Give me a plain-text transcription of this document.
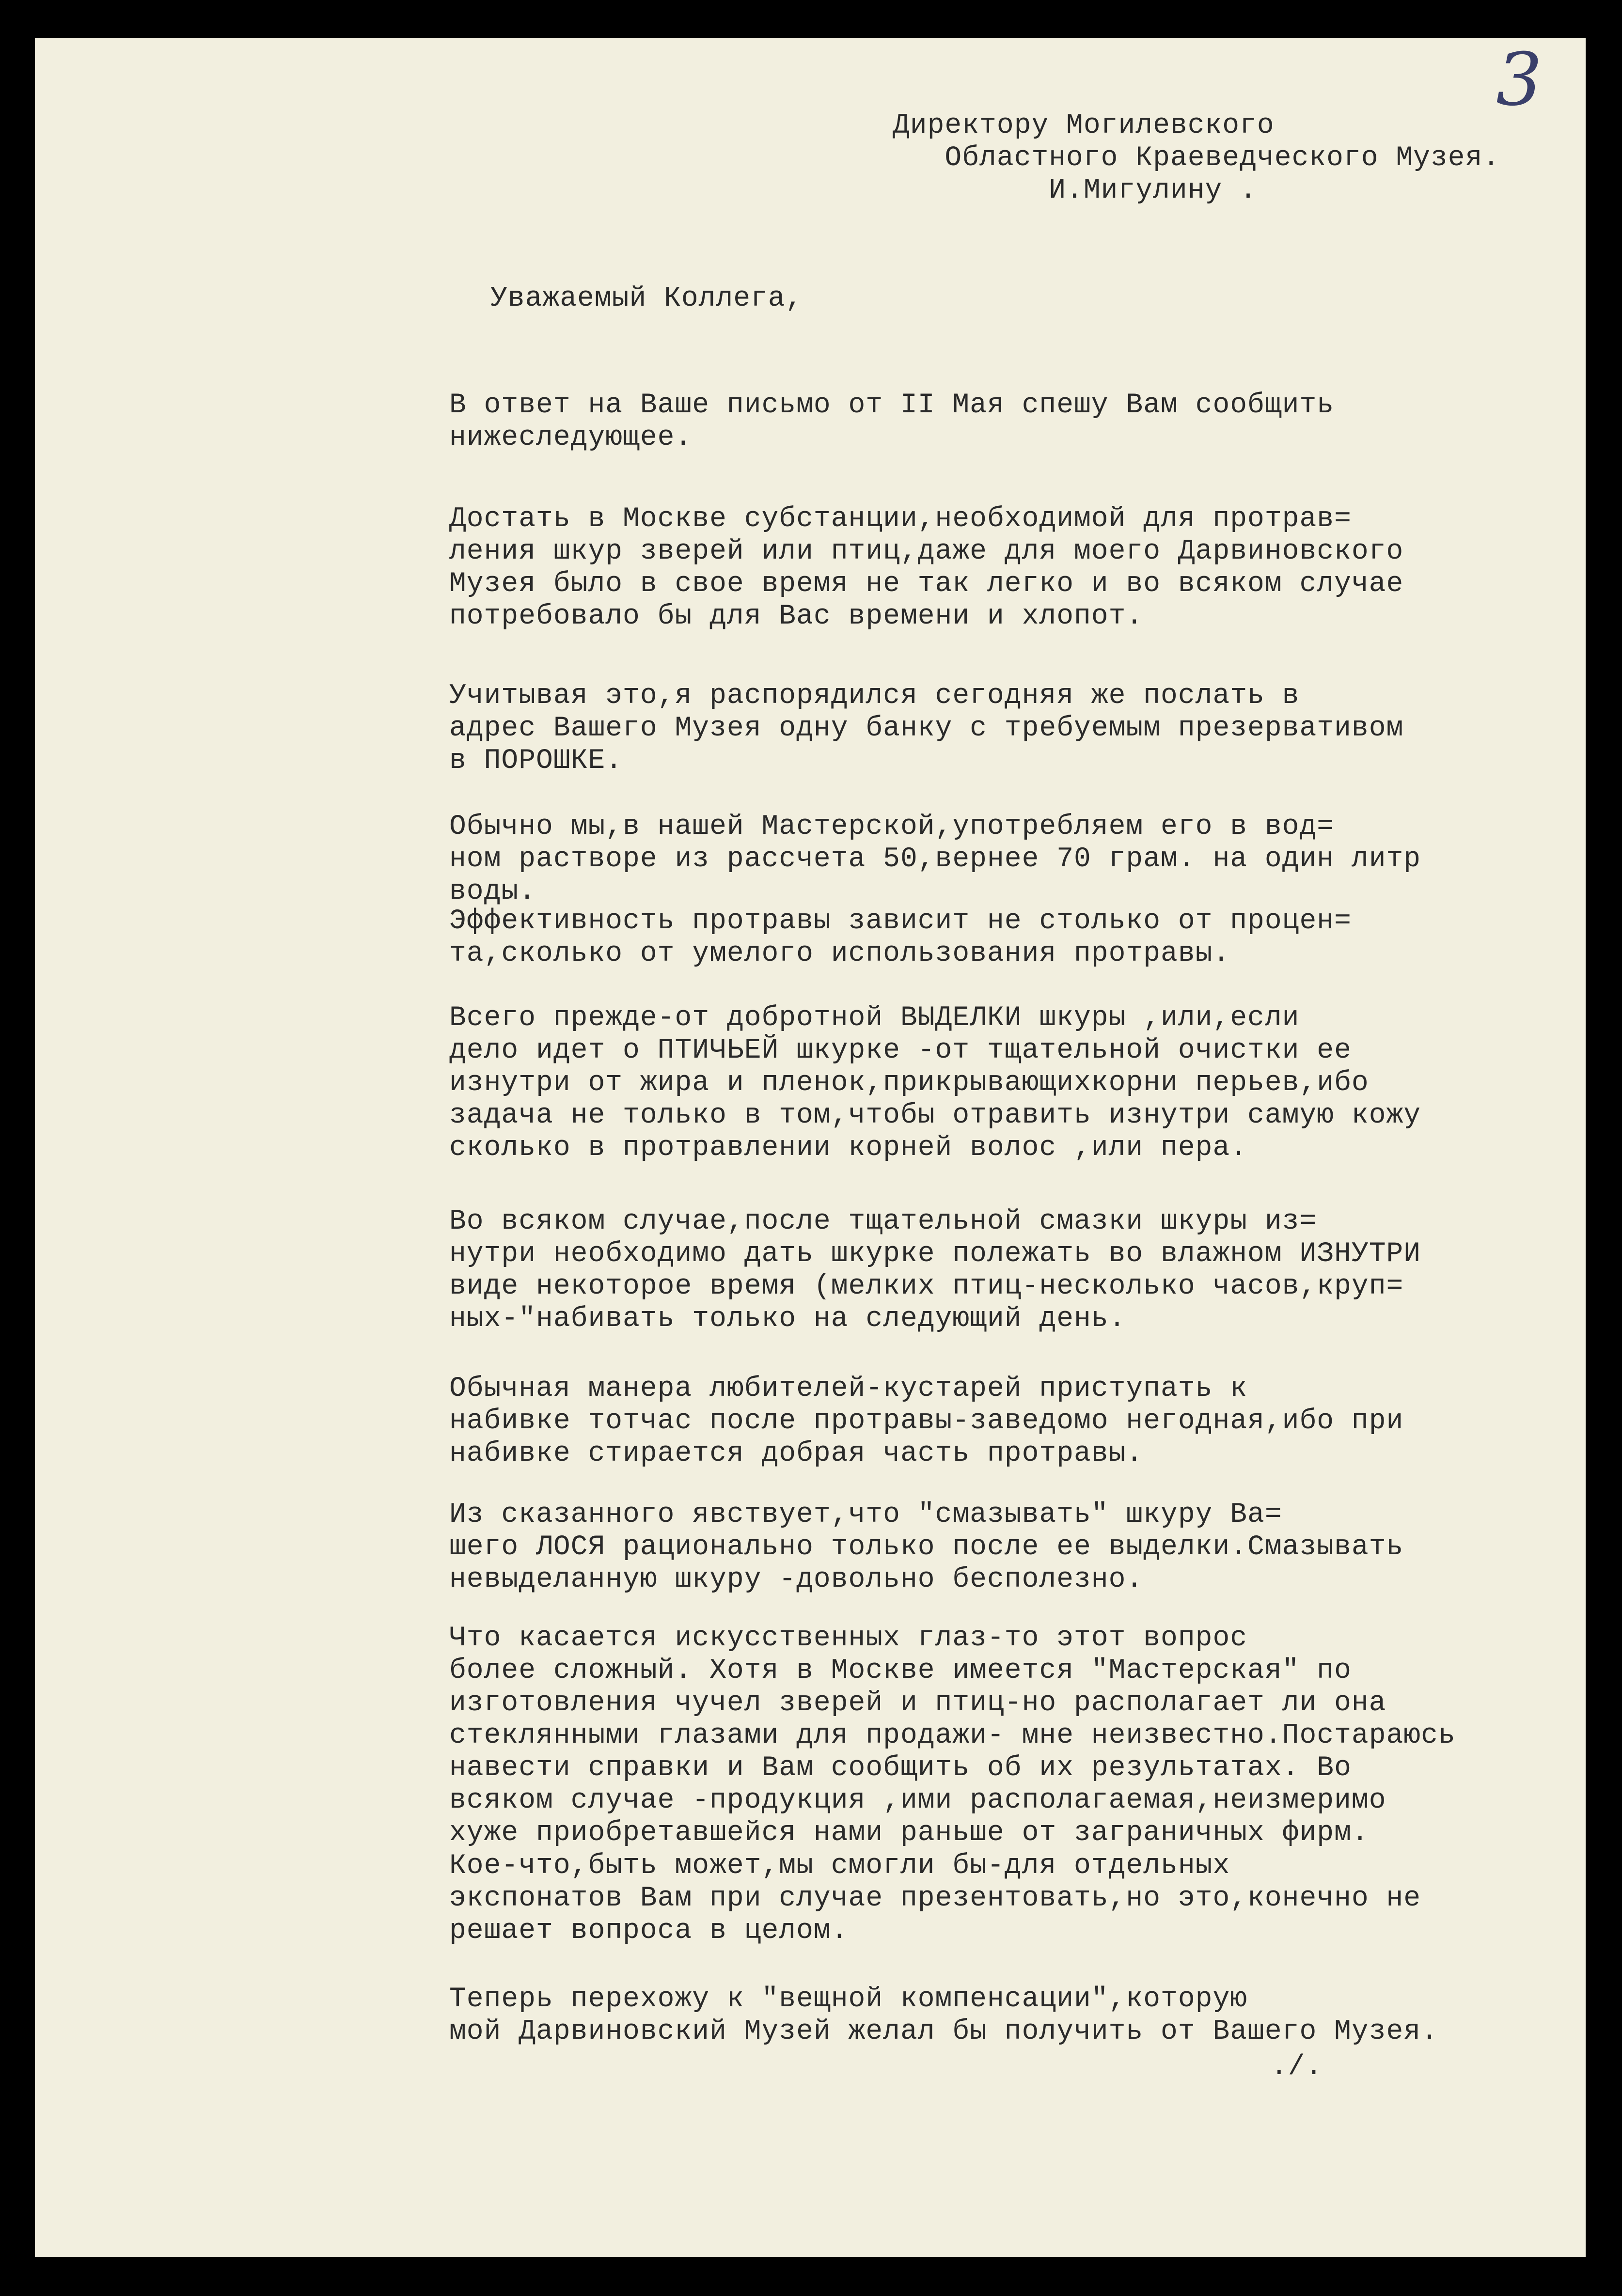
3
Директору Могилевского
Областного Краеведческого Музея.
И.Мигулину .
Уважаемый Коллега,
В ответ на Ваше письмо от II Мая спешу Вам сообщить
нижеследующее.
Достать в Москве субстанции,необходимой для протрав=
ления шкур зверей или птиц,даже для моего Дарвиновского
Музея было в свое время не так легко и во всяком случае
потребовало бы для Вас времени и хлопот.
Учитывая это,я распорядился сегодняя же послать в
адрес Вашего Музея одну банку с требуемым презервативом
в ПОРОШКЕ.
Обычно мы,в нашей Мастерской,употребляем его в вод=
ном растворе из рассчета 50,вернее 70 грам. на один литр
воды.
Эффективность протравы зависит не столько от процен=
та,сколько от умелого использования протравы.
Всего прежде-от добротной ВЫДЕЛКИ шкуры ,или,если
дело идет о ПТИЧЬЕЙ шкурке -от тщательной очистки ее
изнутри от жира и пленок,прикрывающихкорни перьев,ибо
задача не только в том,чтобы отравить изнутри самую кожу
сколько в протравлении корней волос ,или пера.
Во всяком случае,после тщательной смазки шкуры из=
нутри необходимо дать шкурке полежать во влажном ИЗНУТРИ
виде некоторое время (мелких птиц-несколько часов,круп=
ных-"набивать только на следующий день.
Обычная манера любителей-кустарей приступать к
набивке тотчас после протравы-заведомо негодная,ибо при
набивке стирается добрая часть протравы.
Из сказанного явствует,что "смазывать" шкуру Ва=
шего ЛОСЯ рационально только после ее выделки.Смазывать
невыделанную шкуру -довольно бесполезно.
Что касается искусственных глаз-то этот вопрос
более сложный. Хотя в Москве имеется "Мастерская" по
изготовления чучел зверей и птиц-но располагает ли она
стеклянными глазами для продажи- мне неизвестно.Постараюсь
навести справки и Вам сообщить об их результатах. Во
всяком случае -продукция ,ими располагаемая,неизмеримо
хуже приобретавшейся нами раньше от заграничных фирм.
Кое-что,быть может,мы смогли бы-для отдельных
экспонатов Вам при случае презентовать,но это,конечно не
решает вопроса в целом.
Теперь перехожу к "вещной компенсации",которую
мой Дарвиновский Музей желал бы получить от Вашего Музея.
./.
